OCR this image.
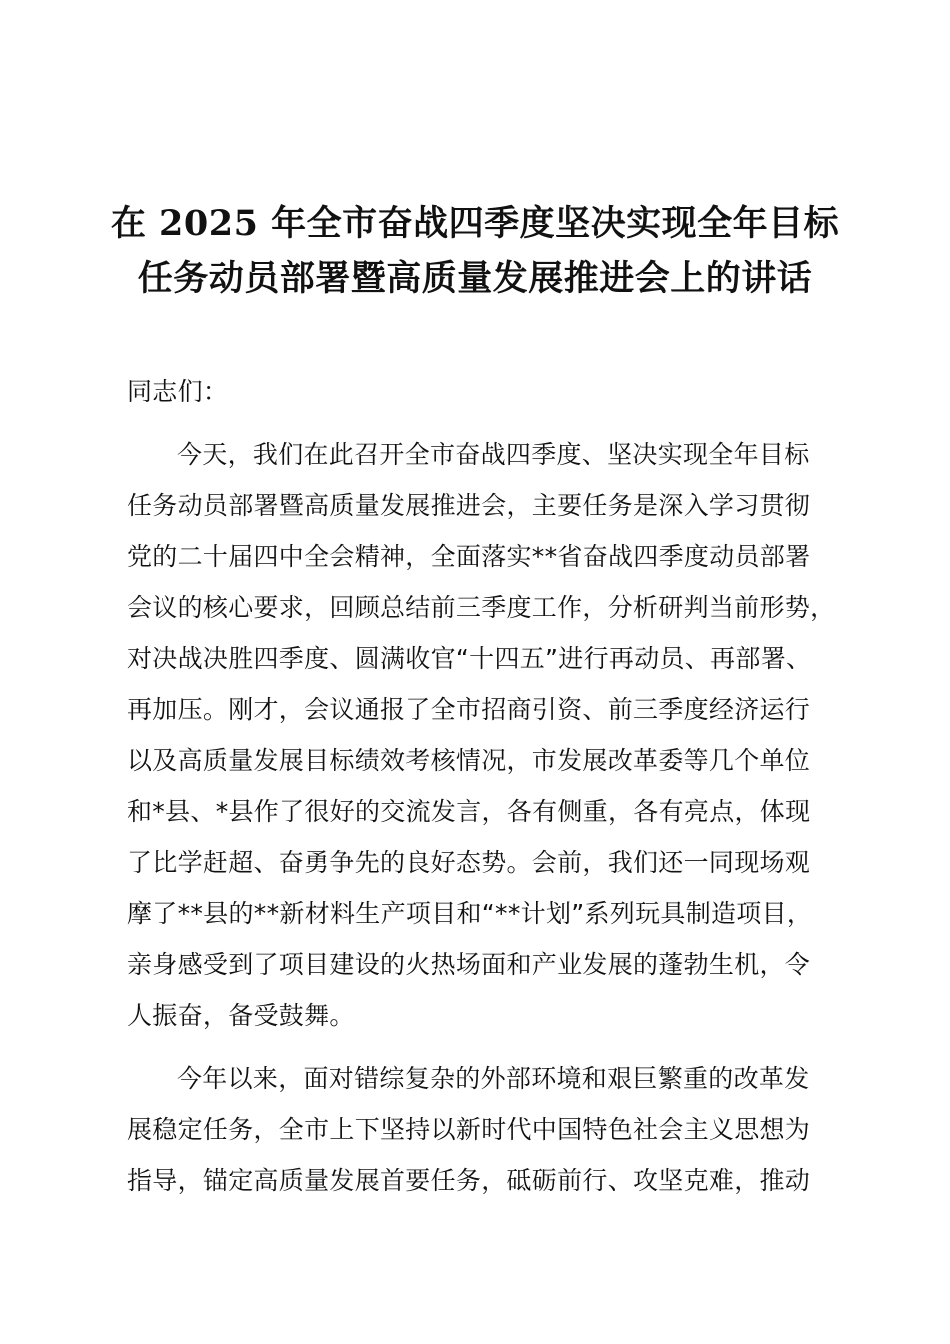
在 2025 年全市奋战四季度坚决实现全年目标
任务动员部署暨高质量发展推进会上的讲话
同志们：
今天，我们在此召开全市奋战四季度、坚决实现全年目标
任务动员部署暨高质量发展推进会，主要任务是深入学习贯彻
党的二十届四中全会精神，全面落实**省奋战四季度动员部署
会议的核心要求，回顾总结前三季度工作，分析研判当前形势，
对决战决胜四季度、圆满收官“十四五”进行再动员、再部署、
再加压。刚才，会议通报了全市招商引资、前三季度经济运行
以及高质量发展目标绩效考核情况，市发展改革委等几个单位
和*县、*县作了很好的交流发言，各有侧重，各有亮点，体现
了比学赶超、奋勇争先的良好态势。会前，我们还一同现场观
摩了**县的**新材料生产项目和“**计划”系列玩具制造项目，
亲身感受到了项目建设的火热场面和产业发展的蓬勃生机，令
人振奋，备受鼓舞。
今年以来，面对错综复杂的外部环境和艰巨繁重的改革发
展稳定任务，全市上下坚持以新时代中国特色社会主义思想为
指导，锚定高质量发展首要任务，砥砺前行、攻坚克难，推动
